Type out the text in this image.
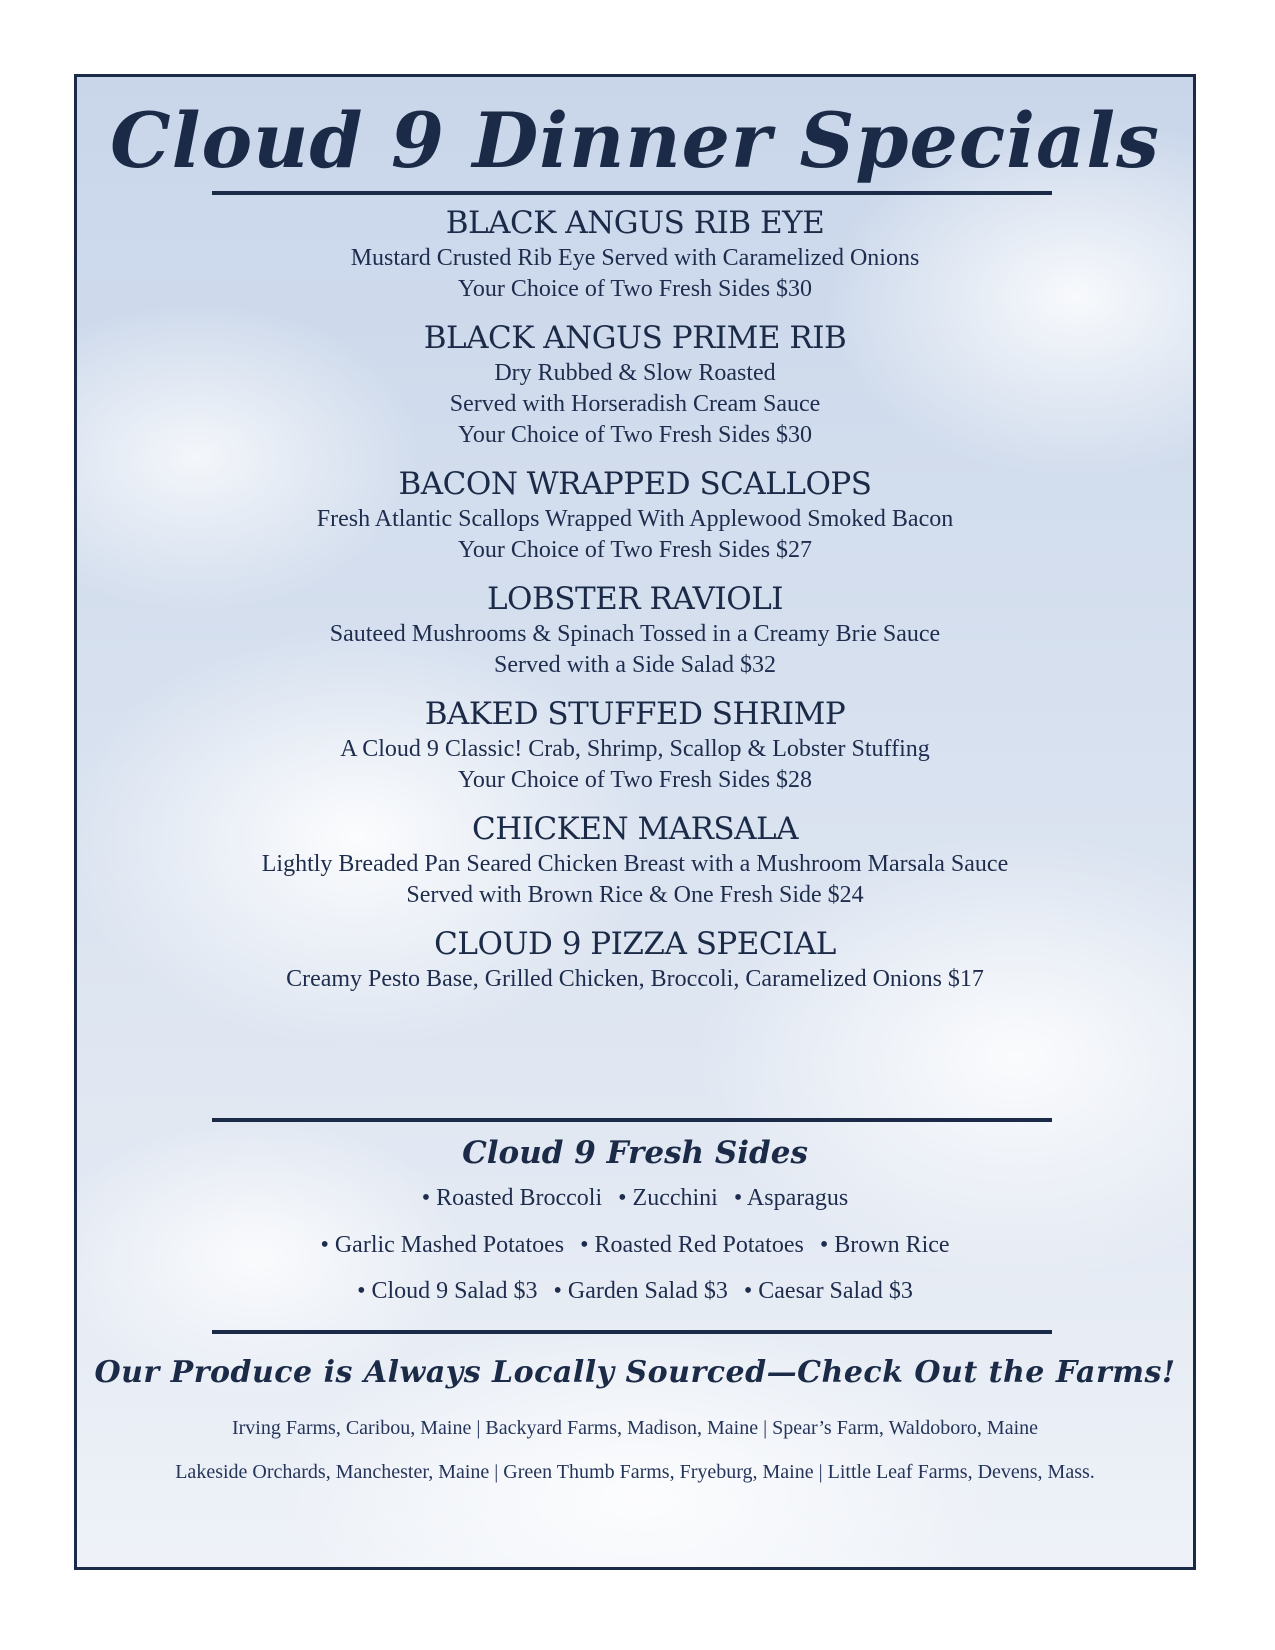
Cloud 9 Dinner Specials
BLACK ANGUS RIB EYE
Mustard Crusted Rib Eye Served with Caramelized Onions
Your Choice of Two Fresh Sides $30
BLACK ANGUS PRIME RIB
Dry Rubbed & Slow Roasted
Served with Horseradish Cream Sauce
Your Choice of Two Fresh Sides $30
BACON WRAPPED SCALLOPS
Fresh Atlantic Scallops Wrapped With Applewood Smoked Bacon
Your Choice of Two Fresh Sides $27
LOBSTER RAVIOLI
Sauteed Mushrooms & Spinach Tossed in a Creamy Brie Sauce
Served with a Side Salad $32
BAKED STUFFED SHRIMP
A Cloud 9 Classic! Crab, Shrimp, Scallop & Lobster Stuffing
Your Choice of Two Fresh Sides $28
CHICKEN MARSALA
Lightly Breaded Pan Seared Chicken Breast with a Mushroom Marsala Sauce
Served with Brown Rice & One Fresh Side $24
CLOUD 9 PIZZA SPECIAL
Creamy Pesto Base, Grilled Chicken, Broccoli, Caramelized Onions $17
Cloud 9 Fresh Sides
• Roasted Broccoli • Zucchini • Asparagus
• Garlic Mashed Potatoes • Roasted Red Potatoes • Brown Rice
• Cloud 9 Salad $3 • Garden Salad $3 • Caesar Salad $3
Our Produce is Always Locally Sourced—Check Out the Farms!
Irving Farms, Caribou, Maine | Backyard Farms, Madison, Maine | Spear’s Farm, Waldoboro, Maine
Lakeside Orchards, Manchester, Maine | Green Thumb Farms, Fryeburg, Maine | Little Leaf Farms, Devens, Mass.
